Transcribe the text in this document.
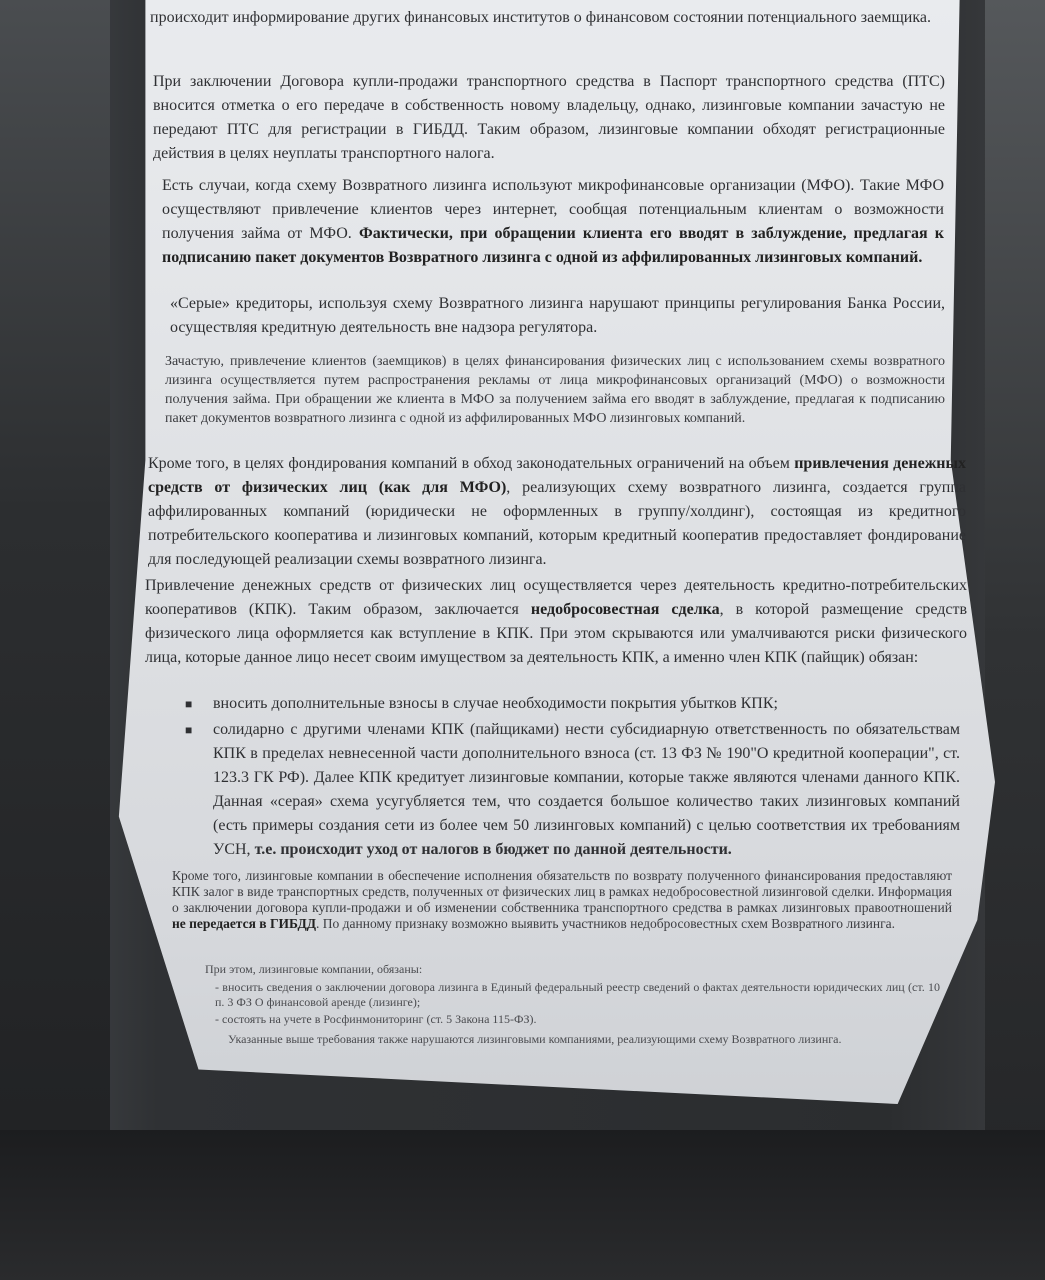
происходит информирование других финансовых институтов о финансовом состоянии потенциального заемщика.

При заключении Договора купли-продажи транспортного средства в Паспорт транспортного средства (ПТС) вносится отметка о его передаче в собственность новому владельцу, однако, лизинговые компании зачастую не передают ПТС для регистрации в ГИБДД. Таким образом, лизинговые компании обходят регистрационные действия в целях неуплаты транспортного налога.

Есть случаи, когда схему Возвратного лизинга используют микрофинансовые организации (МФО). Такие МФО осуществляют привлечение клиентов через интернет, сообщая потенциальным клиентам о возможности получения займа от МФО. Фактически, при обращении клиента его вводят в заблуждение, предлагая к подписанию пакет документов Возвратного лизинга с одной из аффилированных лизинговых компаний.

«Серые» кредиторы, используя схему Возвратного лизинга нарушают принципы регулирования Банка России, осуществляя кредитную деятельность вне надзора регулятора.

Зачастую, привлечение клиентов (заемщиков) в целях финансирования физических лиц с использованием схемы возвратного лизинга осуществляется путем распространения рекламы от лица микрофинансовых организаций (МФО) о возможности получения займа. При обращении же клиента в МФО за получением займа его вводят в заблуждение, предлагая к подписанию пакет документов возвратного лизинга с одной из аффилированных МФО лизинговых компаний.

Кроме того, в целях фондирования компаний в обход законодательных ограничений на объем привлечения денежных средств от физических лиц (как для МФО), реализующих схему возвратного лизинга, создается группа аффилированных компаний (юридически не оформленных в группу/холдинг), состоящая из кредитного потребительского кооператива и лизинговых компаний, которым кредитный кооператив предоставляет фондирование для последующей реализации схемы возвратного лизинга.

Привлечение денежных средств от физических лиц осуществляется через деятельность кредитно-потребительских кооперативов (КПК). Таким образом, заключается недобросовестная сделка, в которой размещение средств физического лица оформляется как вступление в КПК. При этом скрываются или умалчиваются риски физического лица, которые данное лицо несет своим имуществом за деятельность КПК, а именно член КПК (пайщик) обязан:

■ вносить дополнительные взносы в случае необходимости покрытия убытков КПК;
■ солидарно с другими членами КПК (пайщиками) нести субсидиарную ответственность по обязательствам КПК в пределах невнесенной части дополнительного взноса (ст. 13 ФЗ № 190"О кредитной кооперации", ст. 123.3 ГК РФ). Далее КПК кредитует лизинговые компании, которые также являются членами данного КПК. Данная «серая» схема усугубляется тем, что создается большое количество таких лизинговых компаний (есть примеры создания сети из более чем 50 лизинговых компаний) с целью соответствия их требованиям УСН, т.е. происходит уход от налогов в бюджет по данной деятельности.

Кроме того, лизинговые компании в обеспечение исполнения обязательств по возврату полученного финансирования предоставляют КПК залог в виде транспортных средств, полученных от физических лиц в рамках недобросовестной лизинговой сделки. Информация о заключении договора купли-продажи и об изменении собственника транспортного средства в рамках лизинговых правоотношений не передается в ГИБДД. По данному признаку возможно выявить участников недобросовестных схем Возвратного лизинга.

При этом, лизинговые компании, обязаны:

- вносить сведения о заключении договора лизинга в Единый федеральный реестр сведений о фактах деятельности юридических лиц (ст. 10 п. 3 ФЗ О финансовой аренде (лизинге);

- состоять на учете в Росфинмониторинг (ст. 5 Закона 115-ФЗ).

Указанные выше требования также нарушаются лизинговыми компаниями, реализующими схему Возвратного лизинга.
